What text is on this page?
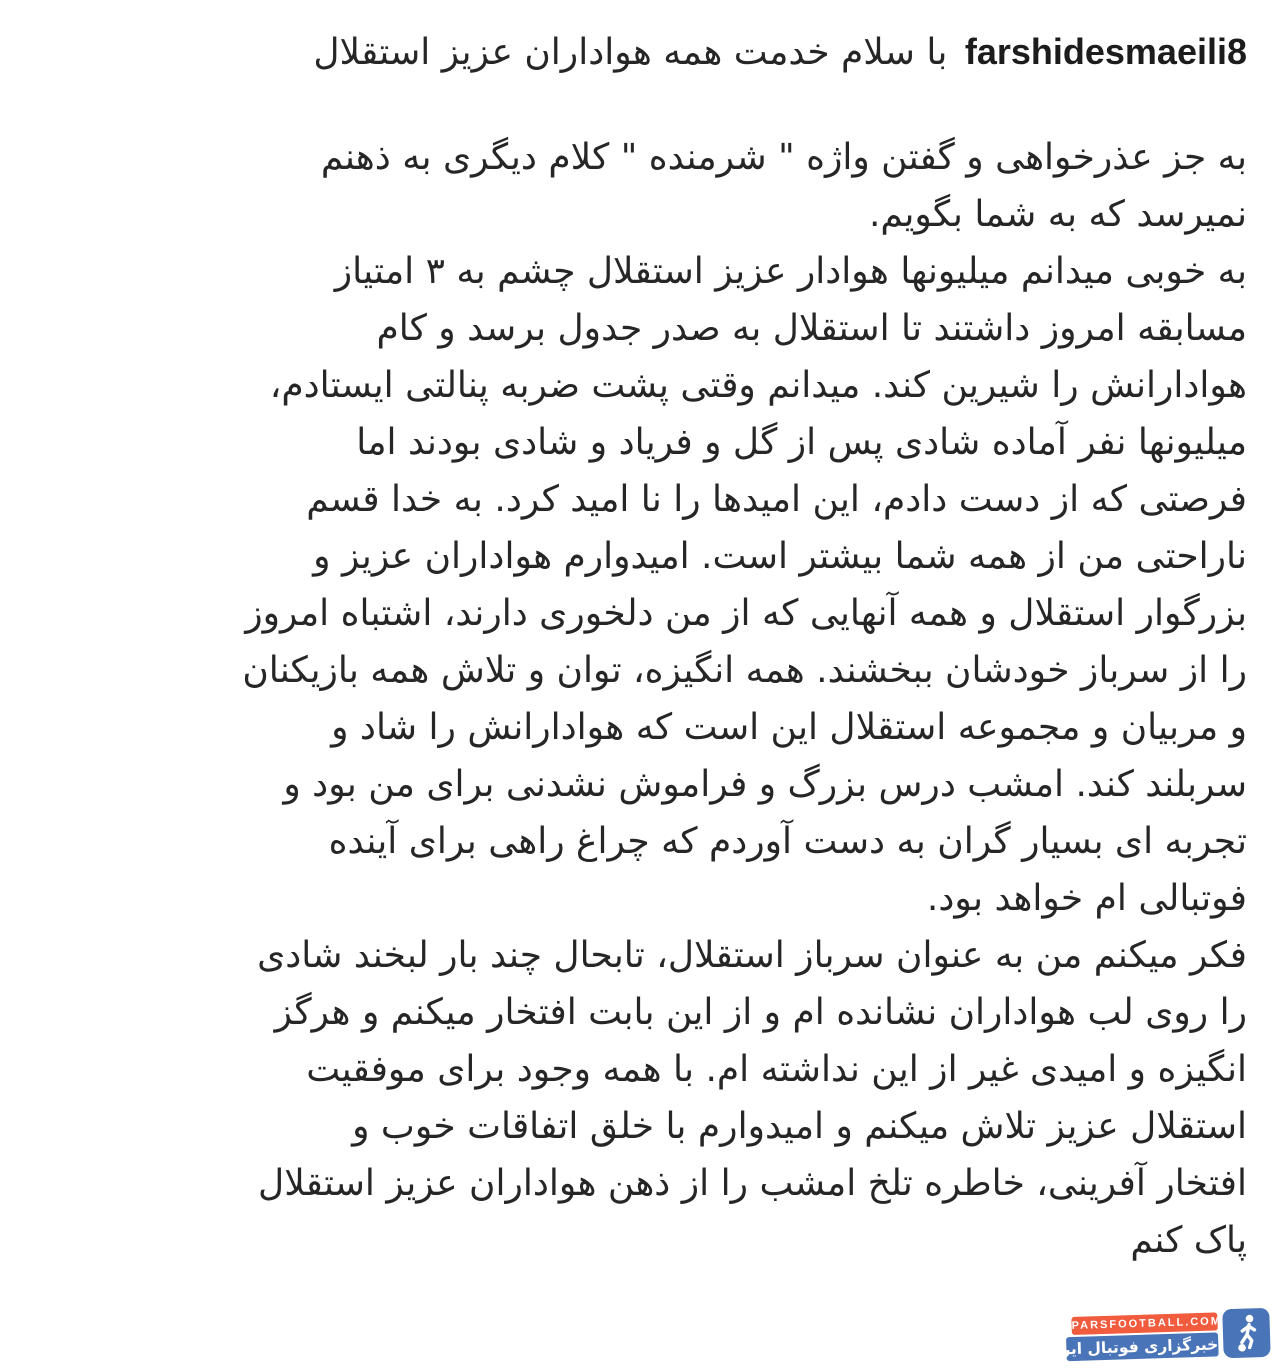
farshidesmaeili8 با سلام خدمت همه هواداران عزیز استقلال
به جز عذرخواهی و گفتن واژه " شرمنده " کلام دیگری به ذهنم
نمیرسد که به شما بگویم.
به خوبی میدانم میلیونها هوادار عزیز استقلال چشم به ۳ امتیاز
مسابقه امروز داشتند تا استقلال به صدر جدول برسد و کام
هوادارانش را شیرین کند. میدانم وقتی پشت ضربه پنالتی ایستادم،
میلیونها نفر آماده شادی پس از گل و فریاد و شادی بودند اما
فرصتی که از دست دادم، این امیدها را نا امید کرد. به خدا قسم
ناراحتی من از همه شما بیشتر است. امیدوارم هواداران عزیز و
بزرگوار استقلال و همه آنهایی که از من دلخوری دارند، اشتباه امروز
را از سرباز خودشان ببخشند. همه انگیزه، توان و تلاش همه بازیکنان
و مربیان و مجموعه استقلال این است که هوادارانش را شاد و
سربلند کند. امشب درس بزرگ و فراموش نشدنی برای من بود و
تجربه ای بسیار گران به دست آوردم که چراغ راهی برای آینده
فوتبالی ام خواهد بود.
فکر میکنم من به عنوان سرباز استقلال، تابحال چند بار لبخند شادی
را روی لب هواداران نشانده ام و از این بابت افتخار میکنم و هرگز
انگیزه و امیدی غیر از این نداشته ام. با همه وجود برای موفقیت
استقلال عزیز تلاش میکنم و امیدوارم با خلق اتفاقات خوب و
افتخار آفرینی، خاطره تلخ امشب را از ذهن هواداران عزیز استقلال
پاک کنم
PARSFOOTBALL.COM
خبرگزاری فوتبال ایران
